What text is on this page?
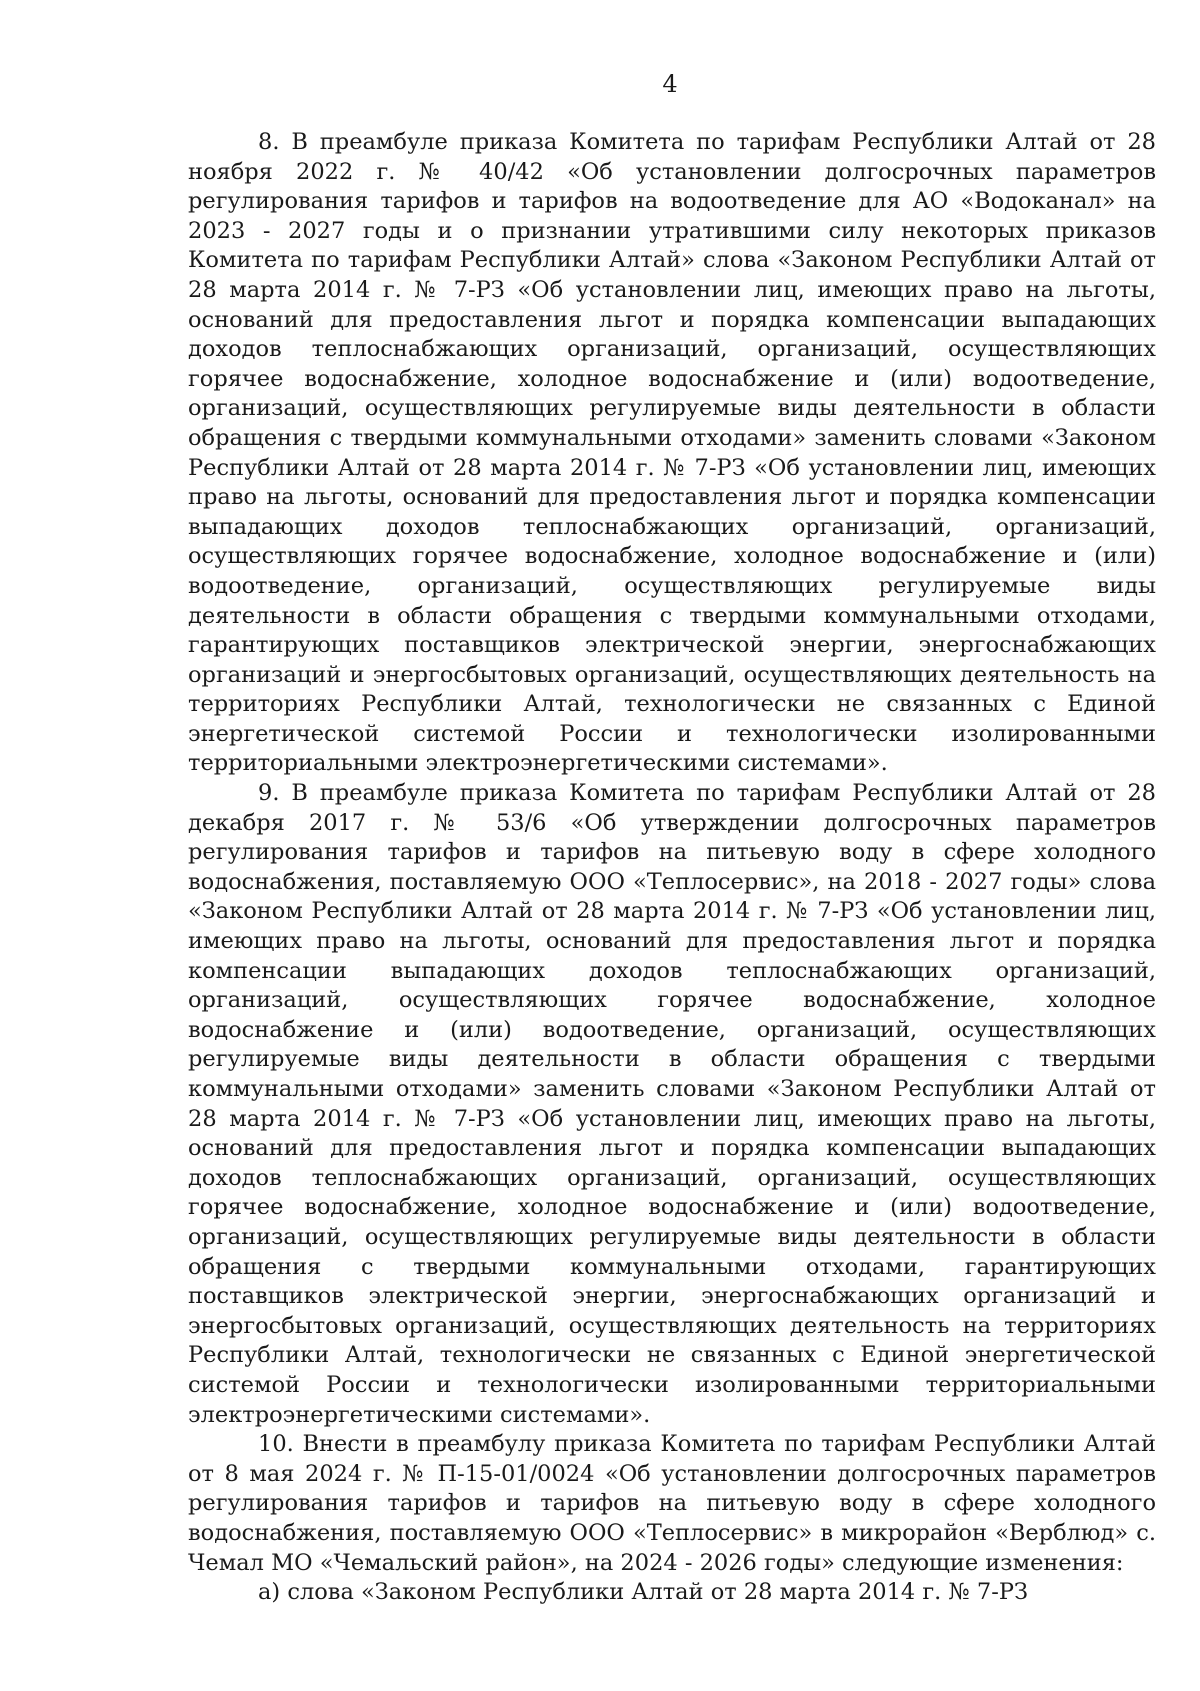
4

8. В преамбуле приказа Комитета по тарифам Республики Алтай от 28 ноября 2022 г. № 40/42 «Об установлении долгосрочных параметров регулирования тарифов и тарифов на водоотведение для АО «Водоканал» на 2023 - 2027 годы и о признании утратившими силу некоторых приказов Комитета по тарифам Республики Алтай» слова «Законом Республики Алтай от 28 марта 2014 г. № 7-РЗ «Об установлении лиц, имеющих право на льготы, оснований для предоставления льгот и порядка компенсации выпадающих доходов теплоснабжающих организаций, организаций, осуществляющих горячее водоснабжение, холодное водоснабжение и (или) водоотведение, организаций, осуществляющих регулируемые виды деятельности в области обращения с твердыми коммунальными отходами» заменить словами «Законом Республики Алтай от 28 марта 2014 г. № 7-РЗ «Об установлении лиц, имеющих право на льготы, оснований для предоставления льгот и порядка компенсации выпадающих доходов теплоснабжающих организаций, организаций, осуществляющих горячее водоснабжение, холодное водоснабжение и (или) водоотведение, организаций, осуществляющих регулируемые виды деятельности в области обращения с твердыми коммунальными отходами, гарантирующих поставщиков электрической энергии, энергоснабжающих организаций и энергосбытовых организаций, осуществляющих деятельность на территориях Республики Алтай, технологически не связанных с Единой энергетической системой России и технологически изолированными территориальными электроэнергетическими системами».

9. В преамбуле приказа Комитета по тарифам Республики Алтай от 28 декабря 2017 г. № 53/6 «Об утверждении долгосрочных параметров регулирования тарифов и тарифов на питьевую воду в сфере холодного водоснабжения, поставляемую ООО «Теплосервис», на 2018 - 2027 годы» слова «Законом Республики Алтай от 28 марта 2014 г. № 7-РЗ «Об установлении лиц, имеющих право на льготы, оснований для предоставления льгот и порядка компенсации выпадающих доходов теплоснабжающих организаций, организаций, осуществляющих горячее водоснабжение, холодное водоснабжение и (или) водоотведение, организаций, осуществляющих регулируемые виды деятельности в области обращения с твердыми коммунальными отходами» заменить словами «Законом Республики Алтай от 28 марта 2014 г. № 7-РЗ «Об установлении лиц, имеющих право на льготы, оснований для предоставления льгот и порядка компенсации выпадающих доходов теплоснабжающих организаций, организаций, осуществляющих горячее водоснабжение, холодное водоснабжение и (или) водоотведение, организаций, осуществляющих регулируемые виды деятельности в области обращения с твердыми коммунальными отходами, гарантирующих поставщиков электрической энергии, энергоснабжающих организаций и энергосбытовых организаций, осуществляющих деятельность на территориях Республики Алтай, технологически не связанных с Единой энергетической системой России и технологически изолированными территориальными электроэнергетическими системами».

10. Внести в преамбулу приказа Комитета по тарифам Республики Алтай от 8 мая 2024 г. № П-15-01/0024 «Об установлении долгосрочных параметров регулирования тарифов и тарифов на питьевую воду в сфере холодного водоснабжения, поставляемую ООО «Теплосервис» в микрорайон «Верблюд» с. Чемал МО «Чемальский район», на 2024 - 2026 годы» следующие изменения:

а) слова «Законом Республики Алтай от 28 марта 2014 г. № 7-РЗ
